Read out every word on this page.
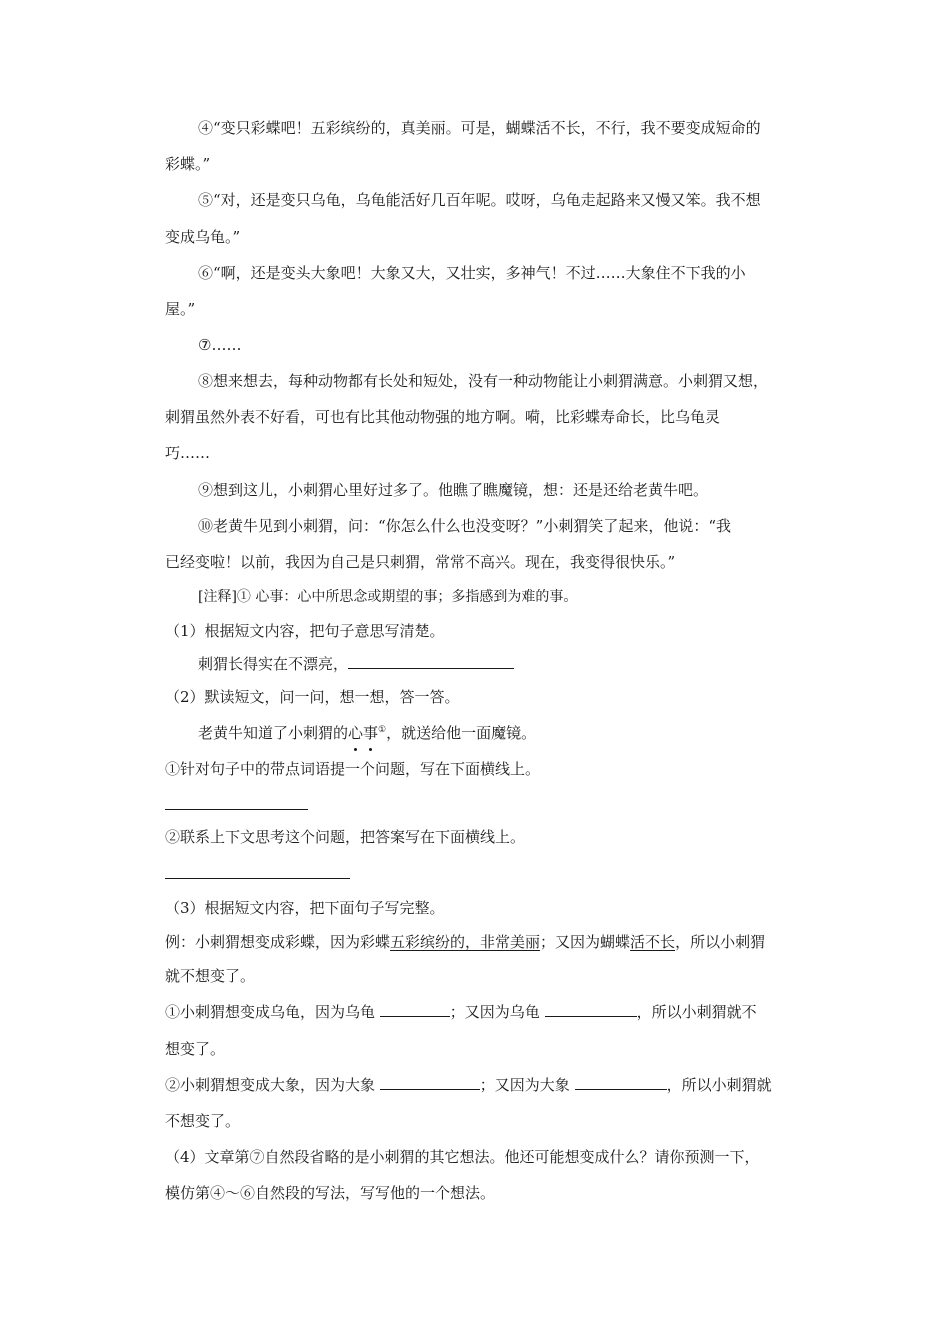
④“变只彩蝶吧！五彩缤纷的，真美丽。可是，蝴蝶活不长，不行，我不要变成短命的
彩蝶。”
⑤“对，还是变只乌龟，乌龟能活好几百年呢。哎呀，乌龟走起路来又慢又笨。我不想
变成乌龟。”
⑥“啊，还是变头大象吧！大象又大，又壮实，多神气！不过……大象住不下我的小
屋。”
⑦……
⑧想来想去，每种动物都有长处和短处，没有一种动物能让小刺猬满意。小刺猬又想，
刺猬虽然外表不好看，可也有比其他动物强的地方啊。嗬，比彩蝶寿命长，比乌龟灵
巧……
⑨想到这儿，小刺猬心里好过多了。他瞧了瞧魔镜，想：还是还给老黄牛吧。
⑩老黄牛见到小刺猬，问：“你怎么什么也没变呀？”小刺猬笑了起来，他说：“我
已经变啦！以前，我因为自己是只刺猬，常常不高兴。现在，我变得很快乐。”
[注释]① 心事：心中所思念或期望的事；多指感到为难的事。
（1）根据短文内容，把句子意思写清楚。
刺猬长得实在不漂亮，
（2）默读短文，问一问，想一想，答一答。
老黄牛知道了小刺猬的心事①，就送给他一面魔镜。
①针对句子中的带点词语提一个问题，写在下面横线上。
②联系上下文思考这个问题，把答案写在下面横线上。
（3）根据短文内容，把下面句子写完整。
例：小刺猬想变成彩蝶，因为彩蝶五彩缤纷的，非常美丽；又因为蝴蝶活不长，所以小刺猬
就不想变了。
①小刺猬想变成乌龟，因为乌龟	；又因为乌龟	，所以小刺猬就不
想变了。
②小刺猬想变成大象，因为大象	；又因为大象	，所以小刺猬就
不想变了。
（4）文章第⑦自然段省略的是小刺猬的其它想法。他还可能想变成什么？请你预测一下，
模仿第④～⑥自然段的写法，写写他的一个想法。
